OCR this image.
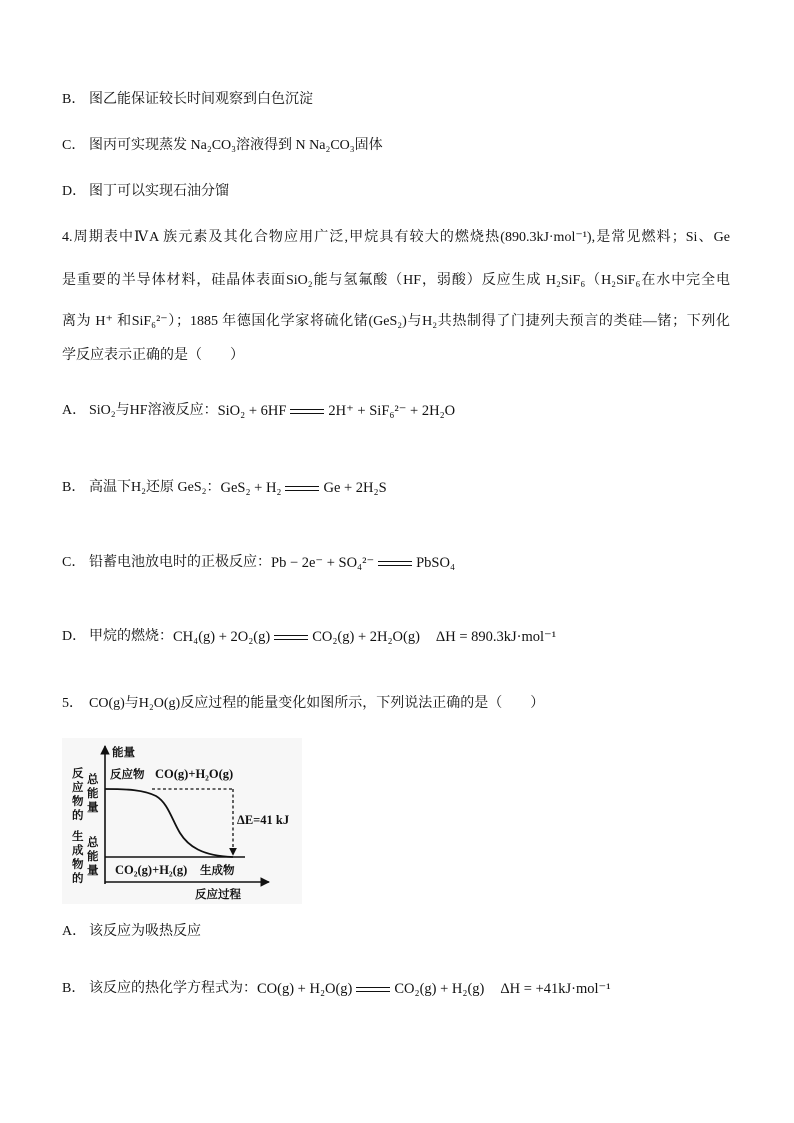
B． 图乙能保证较长时间观察到白色沉淀
C． 图丙可实现蒸发 Na₂CO₃溶液得到 N Na₂CO₃固体
D． 图丁可以实现石油分馏
4.周期表中ⅣA 族元素及其化合物应用广泛,甲烷具有较大的燃烧热(890.3kJ·mol⁻¹),是常见燃料；Si、Ge
是重要的半导体材料，硅晶体表面SiO₂能与氢氟酸（HF，弱酸）反应生成 H₂SiF₆（H₂SiF₆在水中完全电
离为 H⁺ 和SiF₆²⁻）；1885 年德国化学家将硫化锗(GeS₂)与H₂共热制得了门捷列夫预言的类硅—锗；下列化
学反应表示正确的是（　　）
A． SiO₂与HF溶液反应： SiO₂ + 6HF	2H⁺ + SiF₆²⁻ + 2H₂O
B． 高温下H₂还原 GeS₂： GeS₂ + H₂	Ge + 2H₂S
C． 铅蓄电池放电时的正极反应： Pb − 2e⁻ + SO₄²⁻	PbSO₄
D． 甲烷的燃烧： CH₄(g) + 2O₂(g)	CO₂(g) + 2H₂O(g) ΔH = 890.3kJ·mol⁻¹
5． CO(g)与H₂O(g)反应过程的能量变化如图所示，下列说法正确的是（　　）
能量
反应过程
反
应
物
的
总
能
量
生
成
物
的
总
能
量
反应物 CO(g)+H₂O(g)
ΔE=41 kJ
CO₂(g)+H₂(g) 生成物
A． 该反应为吸热反应
B． 该反应的热化学方程式为： CO(g) + H₂O(g)	CO₂(g) + H₂(g) ΔH = +41kJ·mol⁻¹
